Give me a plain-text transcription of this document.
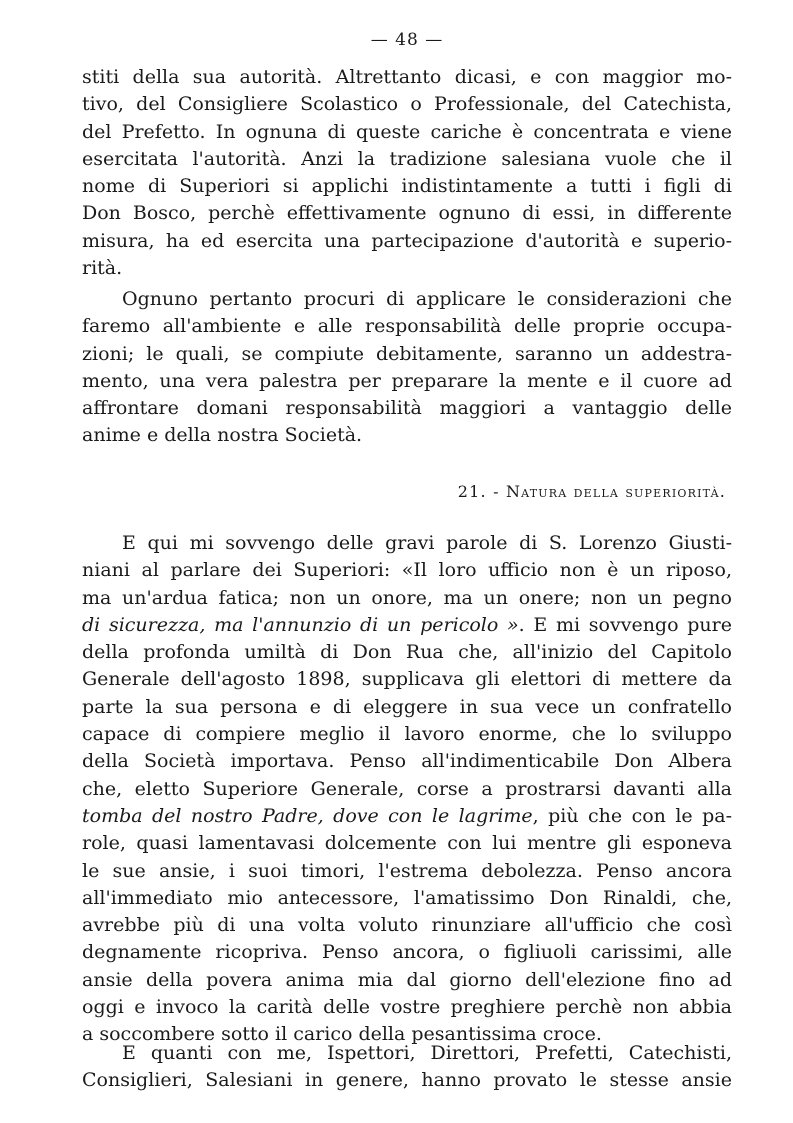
— 48 —
stiti della sua autorità. Altrettanto dicasi, e con maggior mo-
tivo, del Consigliere Scolastico o Professionale, del Catechista,
del Prefetto. In ognuna di queste cariche è concentrata e viene
esercitata l'autorità. Anzi la tradizione salesiana vuole che il
nome di Superiori si applichi indistintamente a tutti i figli di
Don Bosco, perchè effettivamente ognuno di essi, in differente
misura, ha ed esercita una partecipazione d'autorità e superio-
rità.
Ognuno pertanto procuri di applicare le considerazioni che
faremo all'ambiente e alle responsabilità delle proprie occupa-
zioni; le quali, se compiute debitamente, saranno un addestra-
mento, una vera palestra per preparare la mente e il cuore ad
affrontare domani responsabilità maggiori a vantaggio delle
anime e della nostra Società.
21. - Natura della superiorità.
E qui mi sovvengo delle gravi parole di S. Lorenzo Giusti-
niani al parlare dei Superiori: «Il loro ufficio non è un riposo,
ma un'ardua fatica; non un onore, ma un onere; non un pegno
di sicurezza, ma l'annunzio di un pericolo ». E mi sovvengo pure
della profonda umiltà di Don Rua che, all'inizio del Capitolo
Generale dell'agosto 1898, supplicava gli elettori di mettere da
parte la sua persona e di eleggere in sua vece un confratello
capace di compiere meglio il lavoro enorme, che lo sviluppo
della Società importava. Penso all'indimenticabile Don Albera
che, eletto Superiore Generale, corse a prostrarsi davanti alla
tomba del nostro Padre, dove con le lagrime, più che con le pa-
role, quasi lamentavasi dolcemente con lui mentre gli esponeva
le sue ansie, i suoi timori, l'estrema debolezza. Penso ancora
all'immediato mio antecessore, l'amatissimo Don Rinaldi, che,
avrebbe più di una volta voluto rinunziare all'ufficio che così
degnamente ricopriva. Penso ancora, o figliuoli carissimi, alle
ansie della povera anima mia dal giorno dell'elezione fino ad
oggi e invoco la carità delle vostre preghiere perchè non abbia
a soccombere sotto il carico della pesantissima croce.
E quanti con me, Ispettori, Direttori, Prefetti, Catechisti,
Consiglieri, Salesiani in genere, hanno provato le stesse ansie
